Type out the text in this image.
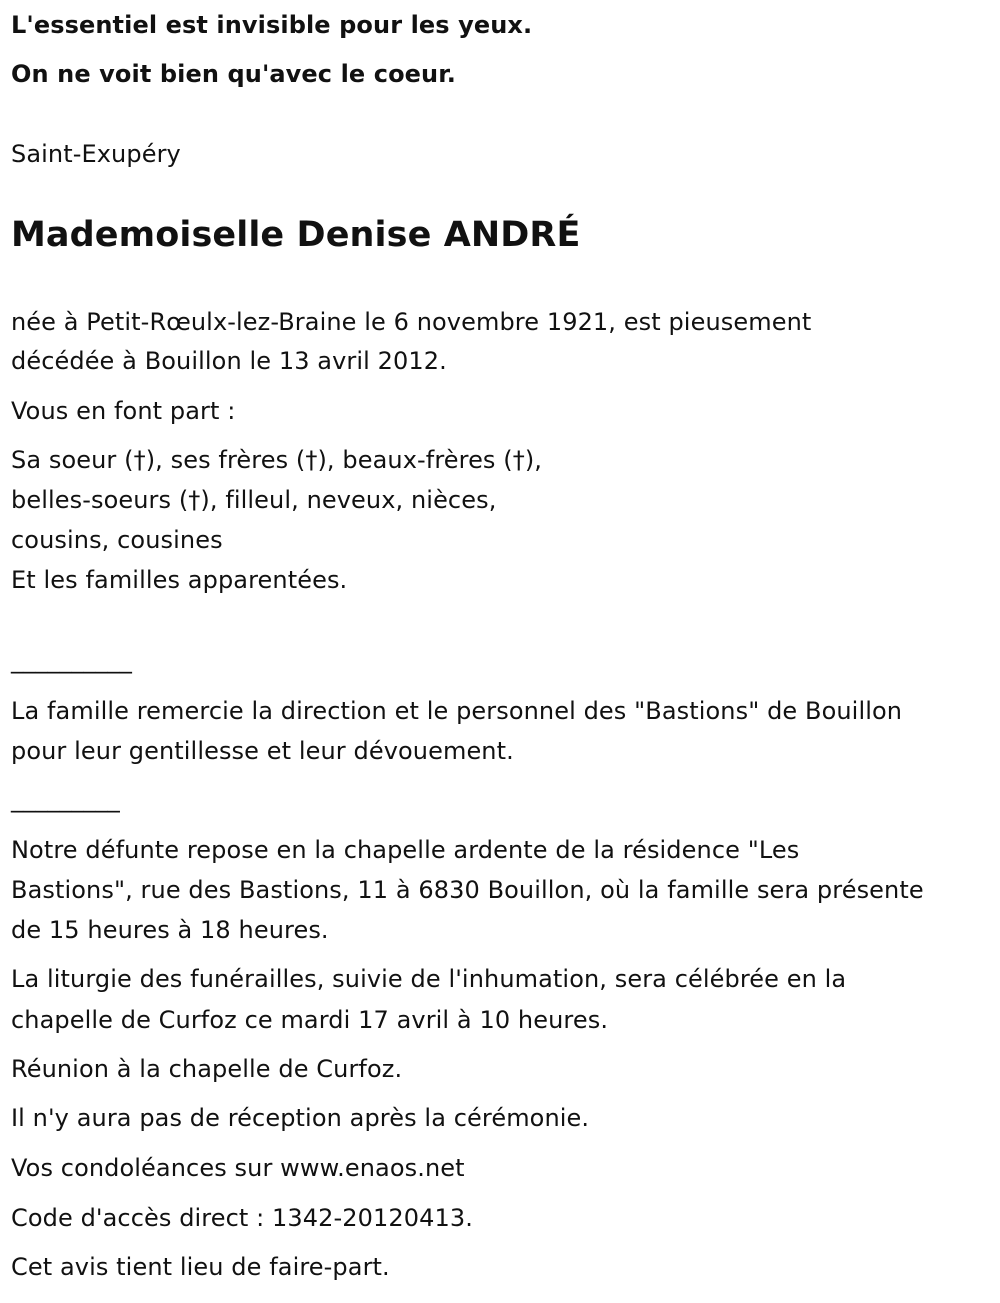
L'essentiel est invisible pour les yeux.
On ne voit bien qu'avec le coeur.
Saint-Exupéry
Mademoiselle Denise ANDRÉ
née à Petit-Rœulx-lez-Braine le 6 novembre 1921, est pieusement
décédée à Bouillon le 13 avril 2012.
Vous en font part :
Sa soeur (†), ses frères (†), beaux-frères (†),
belles-soeurs (†), filleul, neveux, nièces,
cousins, cousines
Et les familles apparentées.
__________
La famille remercie la direction et le personnel des "Bastions" de Bouillon
pour leur gentillesse et leur dévouement.
_________
Notre défunte repose en la chapelle ardente de la résidence "Les
Bastions", rue des Bastions, 11 à 6830 Bouillon, où la famille sera présente
de 15 heures à 18 heures.
La liturgie des funérailles, suivie de l'inhumation, sera célébrée en la
chapelle de Curfoz ce mardi 17 avril à 10 heures.
Réunion à la chapelle de Curfoz.
Il n'y aura pas de réception après la cérémonie.
Vos condoléances sur www.enaos.net
Code d'accès direct : 1342-20120413.
Cet avis tient lieu de faire-part.
